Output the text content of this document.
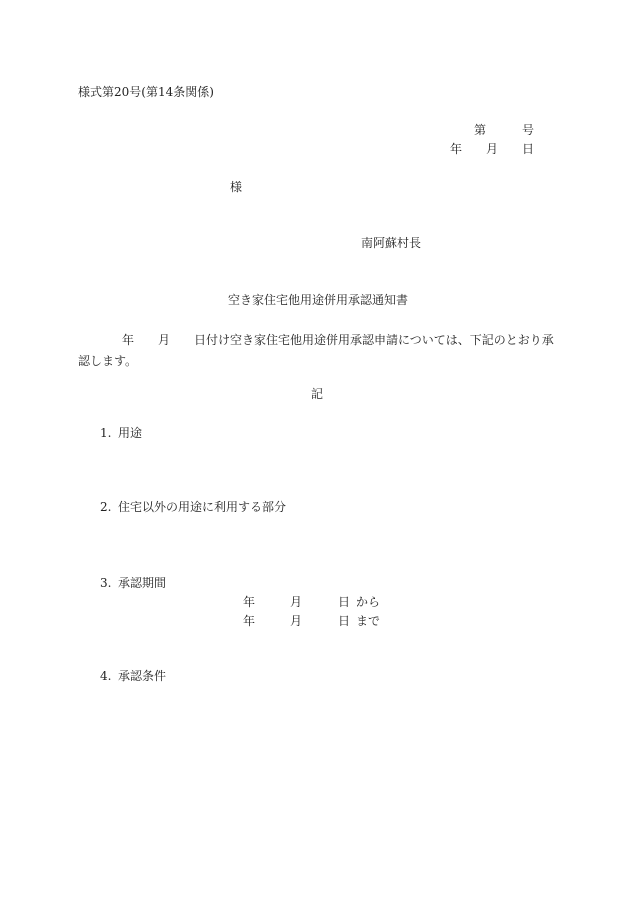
様式第20号(第14条関係)
第	号
年 月 日
様
南阿蘇村長
空き家住宅他用途併用承認通知書
年 月 日付け空き家住宅他用途併用承認申請については、下記のとおり承認します。
記
1. 用途
2. 住宅以外の用途に利用する部分
3. 承認期間
年	月	日 から
年	月	日 まで
4. 承認条件
